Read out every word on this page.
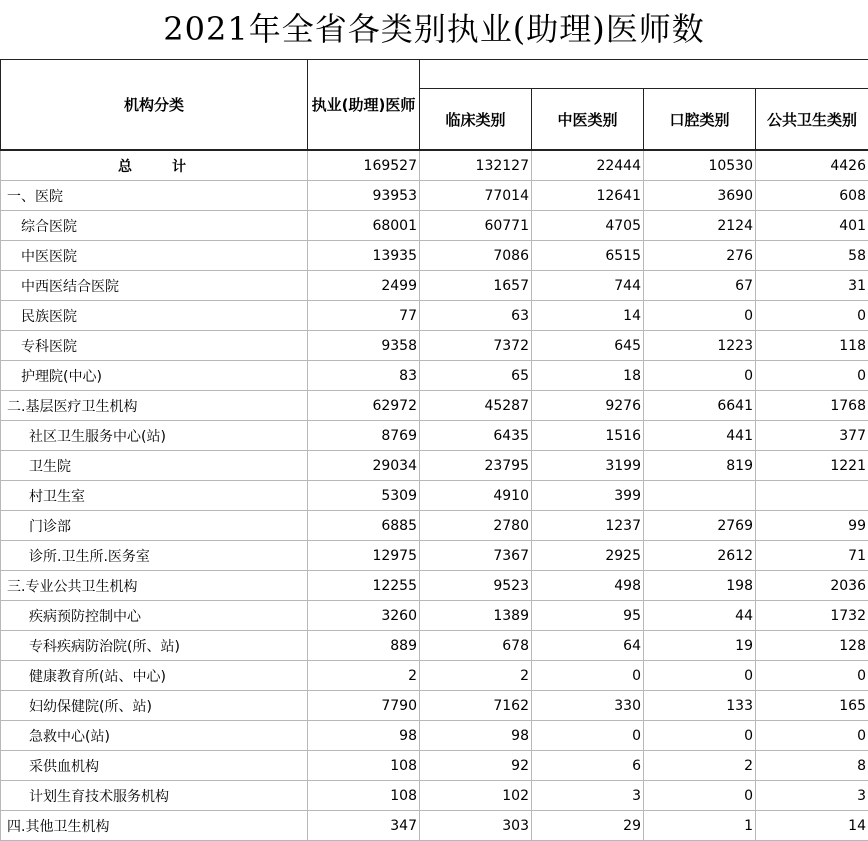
2021年全省各类别执业(助理)医师数
机构分类	执业(助理)医师				
		临床类别	中医类别	口腔类别	公共卫生类别
总　　计	169527	132127	22444	10530	4426
一、医院	93953	77014	12641	3690	608
综合医院	68001	60771	4705	2124	401
中医医院	13935	7086	6515	276	58
中西医结合医院	2499	1657	744	67	31
民族医院	77	63	14	0	0
专科医院	9358	7372	645	1223	118
护理院(中心)	83	65	18	0	0
二.基层医疗卫生机构	62972	45287	9276	6641	1768
社区卫生服务中心(站)	8769	6435	1516	441	377
卫生院	29034	23795	3199	819	1221
村卫生室	5309	4910	399		
门诊部	6885	2780	1237	2769	99
诊所.卫生所.医务室	12975	7367	2925	2612	71
三.专业公共卫生机构	12255	9523	498	198	2036
疾病预防控制中心	3260	1389	95	44	1732
专科疾病防治院(所、站)	889	678	64	19	128
健康教育所(站、中心)	2	2	0	0	0
妇幼保健院(所、站)	7790	7162	330	133	165
急救中心(站)	98	98	0	0	0
采供血机构	108	92	6	2	8
计划生育技术服务机构	108	102	3	0	3
四.其他卫生机构	347	303	29	1	14
